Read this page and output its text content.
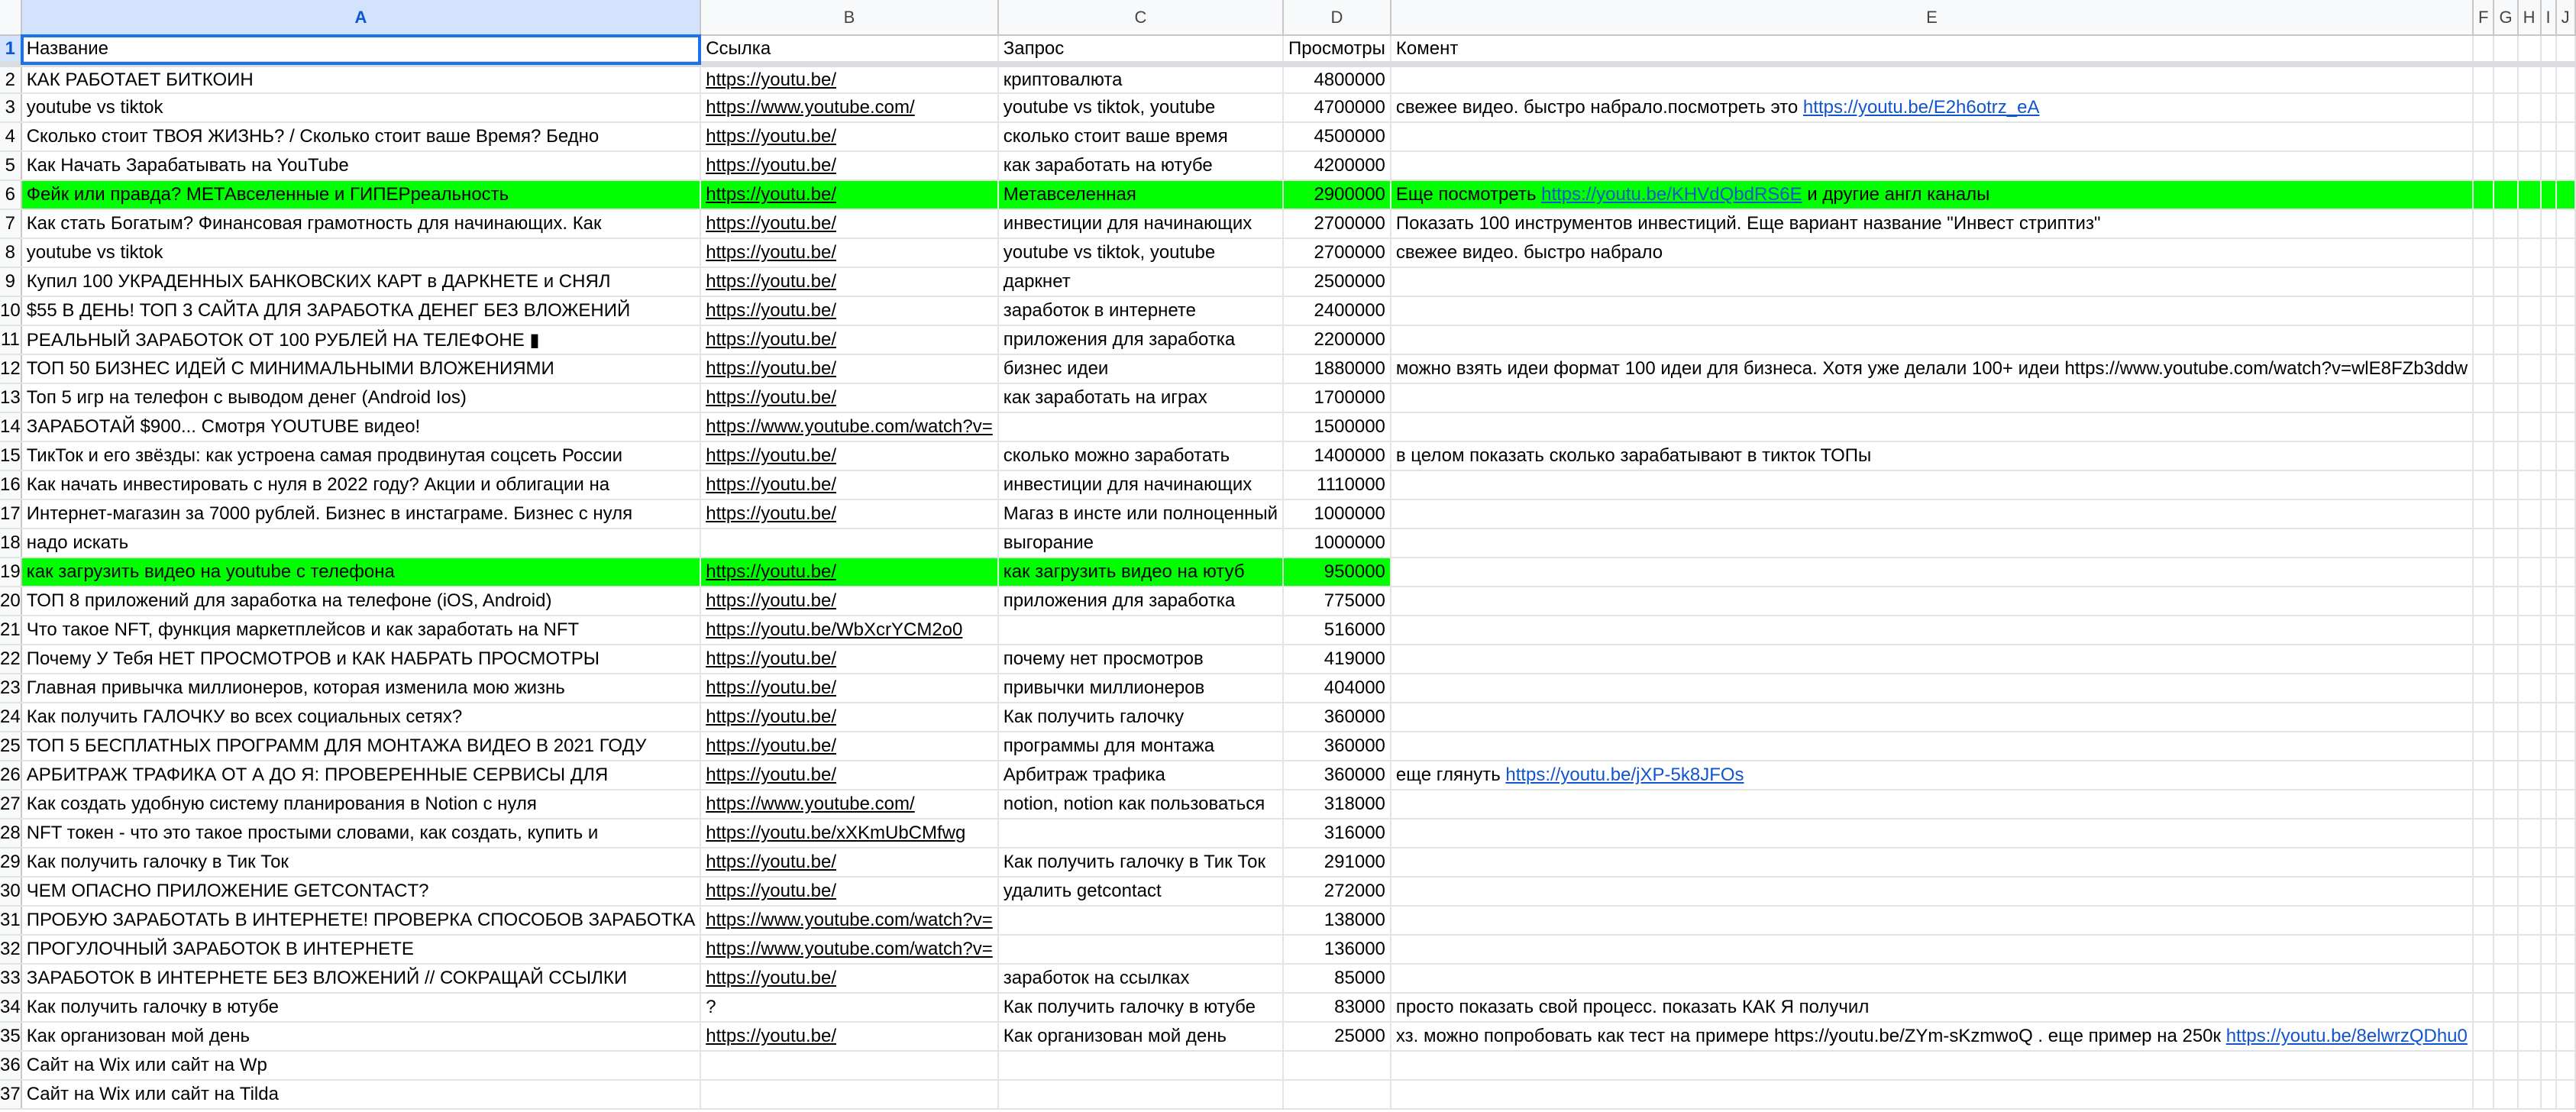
	A	B	C	D	E	F	G	H	I	J
1	Название	Ссылка	Запрос	Просмотры	Комент					
2	КАК РАБОТАЕТ БИТКОИН	https://youtu.be/	криптовалюта	4800000						
3	youtube vs tiktok	https://www.youtube.com/	youtube vs tiktok, youtube	4700000	свежее видео. быстро набрало.посмотреть это https://youtu.be/E2h6otrz_eA					
4	Сколько стоит ТВОЯ ЖИЗНЬ? / Сколько стоит ваше Время? Бедно	https://youtu.be/	сколько стоит ваше время	4500000						
5	Как Начать Зарабатывать на YouTube	https://youtu.be/	как заработать на ютубе	4200000						
6	Фейк или правда? МЕТАвселенные и ГИПЕРреальность	https://youtu.be/	Метавселенная	2900000	Еще посмотреть https://youtu.be/KHVdQbdRS6E и другие англ каналы					
7	Как стать Богатым? Финансовая грамотность для начинающих. Как	https://youtu.be/	инвестиции для начинающих	2700000	Показать 100 инструментов инвестиций. Еще вариант название "Инвест стриптиз"					
8	youtube vs tiktok	https://youtu.be/	youtube vs tiktok, youtube	2700000	свежее видео. быстро набрало					
9	Купил 100 УКРАДЕННЫХ БАНКОВСКИХ КАРТ в ДАРКНЕТЕ и СНЯЛ	https://youtu.be/	даркнет	2500000						
10	$55 В ДЕНЬ! ТОП 3 САЙТА ДЛЯ ЗАРАБОТКА ДЕНЕГ БЕЗ ВЛОЖЕНИЙ	https://youtu.be/	заработок в интернете	2400000						
11	РЕАЛЬНЫЙ ЗАРАБОТОК ОТ 100 РУБЛЕЙ НА ТЕЛЕФОНЕ ▮	https://youtu.be/	приложения для заработка	2200000						
12	ТОП 50 БИЗНЕС ИДЕЙ С МИНИМАЛЬНЫМИ ВЛОЖЕНИЯМИ	https://youtu.be/	бизнес идеи	1880000	можно взять идеи формат 100 идеи для бизнеса. Хотя уже делали 100+ идеи https://www.youtube.com/watch?v=wlE8FZb3ddw					
13	Топ 5 игр на телефон с выводом денег (Android Ios)	https://youtu.be/	как заработать на играх	1700000						
14	ЗАРАБОТАЙ $900... Смотря YOUTUBE видео!	https://www.youtube.com/watch?v=		1500000						
15	ТикТок и его звёзды: как устроена самая продвинутая соцсеть России	https://youtu.be/	сколько можно заработать	1400000	в целом показать сколько зарабатывают в тикток ТОПы					
16	Как начать инвестировать с нуля в 2022 году? Акции и облигации на	https://youtu.be/	инвестиции для начинающих	1110000						
17	Интернет-магазин за 7000 рублей. Бизнес в инстаграме. Бизнес с нуля	https://youtu.be/	Магаз в инсте или полноценный	1000000						
18	надо искать		выгорание	1000000						
19	как загрузить видео на youtube с телефона	https://youtu.be/	как загрузить видео на ютуб	950000						
20	ТОП 8 приложений для заработка на телефоне (iOS, Android)	https://youtu.be/	приложения для заработка	775000						
21	Что такое NFT, функция маркетплейсов и как заработать на NFT	https://youtu.be/WbXcrYCM2o0		516000						
22	Почему У Тебя НЕТ ПРОСМОТРОВ и КАК НАБРАТЬ ПРОСМОТРЫ	https://youtu.be/	почему нет просмотров	419000						
23	Главная привычка миллионеров, которая изменила мою жизнь	https://youtu.be/	привычки миллионеров	404000						
24	Как получить ГАЛОЧКУ во всех социальных сетях?	https://youtu.be/	Как получить галочку	360000						
25	ТОП 5 БЕСПЛАТНЫХ ПРОГРАММ ДЛЯ МОНТАЖА ВИДЕО В 2021 ГОДУ	https://youtu.be/	программы для монтажа	360000						
26	АРБИТРАЖ ТРАФИКА ОТ А ДО Я: ПРОВЕРЕННЫЕ СЕРВИСЫ ДЛЯ	https://youtu.be/	Арбитраж трафика	360000	еще глянуть https://youtu.be/jXP-5k8JFOs					
27	Как создать удобную систему планирования в Notion с нуля	https://www.youtube.com/	notion, notion как пользоваться	318000						
28	NFT токен - что это такое простыми словами, как создать, купить и	https://youtu.be/xXKmUbCMfwg		316000						
29	Как получить галочку в Тик Ток	https://youtu.be/	Как получить галочку в Тик Ток	291000						
30	ЧЕМ ОПАСНО ПРИЛОЖЕНИЕ GETCONTACT?	https://youtu.be/	удалить getcontact	272000						
31	ПРОБУЮ ЗАРАБОТАТЬ В ИНТЕРНЕТЕ! ПРОВЕРКА СПОСОБОВ ЗАРАБОТКА	https://www.youtube.com/watch?v=		138000						
32	ПРОГУЛОЧНЫЙ ЗАРАБОТОК В ИНТЕРНЕТЕ	https://www.youtube.com/watch?v=		136000						
33	ЗАРАБОТОК В ИНТЕРНЕТЕ БЕЗ ВЛОЖЕНИЙ // СОКРАЩАЙ ССЫЛКИ	https://youtu.be/	заработок на ссылках	85000						
34	Как получить галочку в ютубе	?	Как получить галочку в ютубе	83000	просто показать свой процесс. показать КАК Я получил					
35	Как организован мой день	https://youtu.be/	Как организован мой день	25000	хз. можно попробовать как тест на примере https://youtu.be/ZYm-sKzmwoQ . еще пример на 250к https://youtu.be/8elwrzQDhu0					
36	Сайт на Wix или сайт на Wp									
37	Сайт на Wix или сайт на Tilda									
